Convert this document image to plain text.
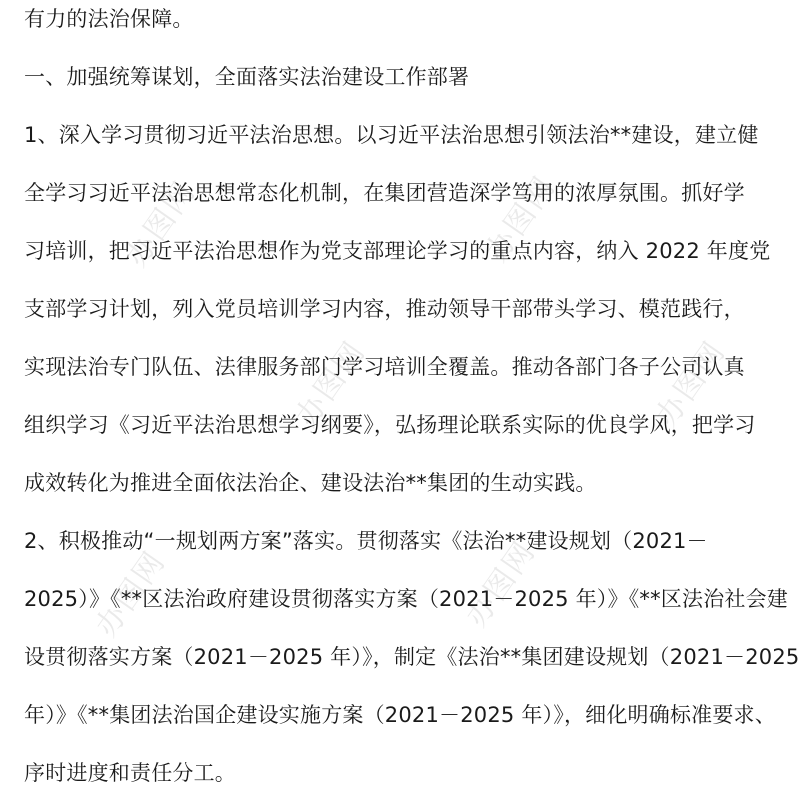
办图网	办图网
办图网	办图网
办图网	办图网
有力的法治保障。
一、加强统筹谋划，全面落实法治建设工作部署
1、深入学习贯彻习近平法治思想。以习近平法治思想引领法治**建设，建立健
全学习习近平法治思想常态化机制，在集团营造深学笃用的浓厚氛围。抓好学
习培训，把习近平法治思想作为党支部理论学习的重点内容，纳入 2022 年度党
支部学习计划，列入党员培训学习内容，推动领导干部带头学习、模范践行，
实现法治专门队伍、法律服务部门学习培训全覆盖。推动各部门各子公司认真
组织学习《习近平法治思想学习纲要》，弘扬理论联系实际的优良学风，把学习
成效转化为推进全面依法治企、建设法治**集团的生动实践。
2、积极推动“一规划两方案”落实。贯彻落实《法治**建设规划（2021－
2025）》《**区法治政府建设贯彻落实方案（2021－2025 年）》《**区法治社会建
设贯彻落实方案（2021－2025 年）》，制定《法治**集团建设规划（2021－2025
年）》《**集团法治国企建设实施方案（2021－2025 年）》，细化明确标准要求、
序时进度和责任分工。
